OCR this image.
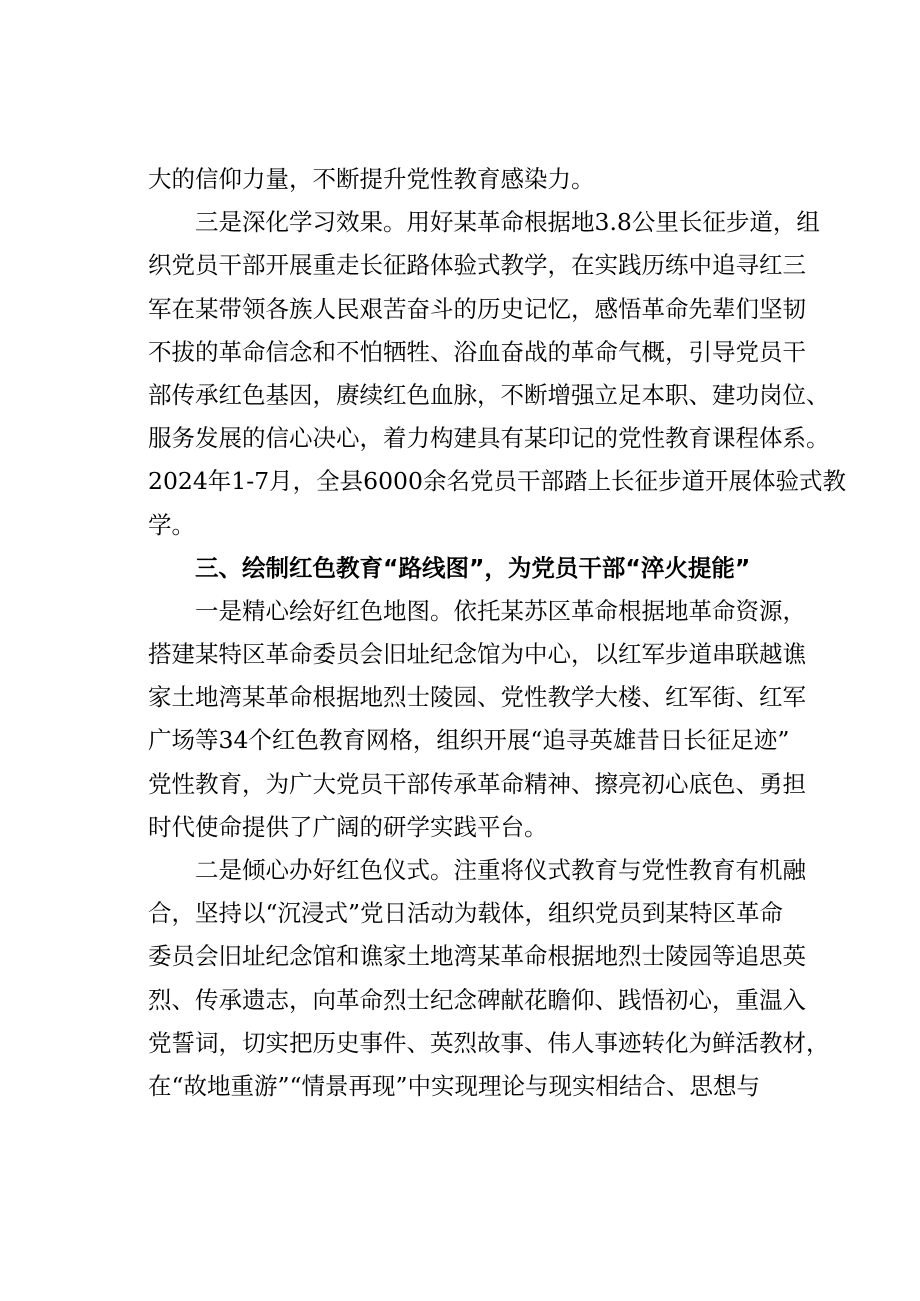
大的信仰力量，不断提升党性教育感染力。
三是深化学习效果。用好某革命根据地3.8公里长征步道，组
织党员干部开展重走长征路体验式教学，在实践历练中追寻红三
军在某带领各族人民艰苦奋斗的历史记忆，感悟革命先辈们坚韧
不拔的革命信念和不怕牺牲、浴血奋战的革命气概，引导党员干
部传承红色基因，赓续红色血脉，不断增强立足本职、建功岗位、
服务发展的信心决心，着力构建具有某印记的党性教育课程体系。
2024年1-7月，全县6000余名党员干部踏上长征步道开展体验式教
学。
三、绘制红色教育“路线图”，为党员干部“淬火提能”
一是精心绘好红色地图。依托某苏区革命根据地革命资源，
搭建某特区革命委员会旧址纪念馆为中心，以红军步道串联越谯
家土地湾某革命根据地烈士陵园、党性教学大楼、红军街、红军
广场等34个红色教育网格，组织开展“追寻英雄昔日长征足迹”
党性教育，为广大党员干部传承革命精神、擦亮初心底色、勇担
时代使命提供了广阔的研学实践平台。
二是倾心办好红色仪式。注重将仪式教育与党性教育有机融
合，坚持以“沉浸式”党日活动为载体，组织党员到某特区革命
委员会旧址纪念馆和谯家土地湾某革命根据地烈士陵园等追思英
烈、传承遗志，向革命烈士纪念碑献花瞻仰、践悟初心，重温入
党誓词，切实把历史事件、英烈故事、伟人事迹转化为鲜活教材，
在“故地重游”“情景再现”中实现理论与现实相结合、思想与
